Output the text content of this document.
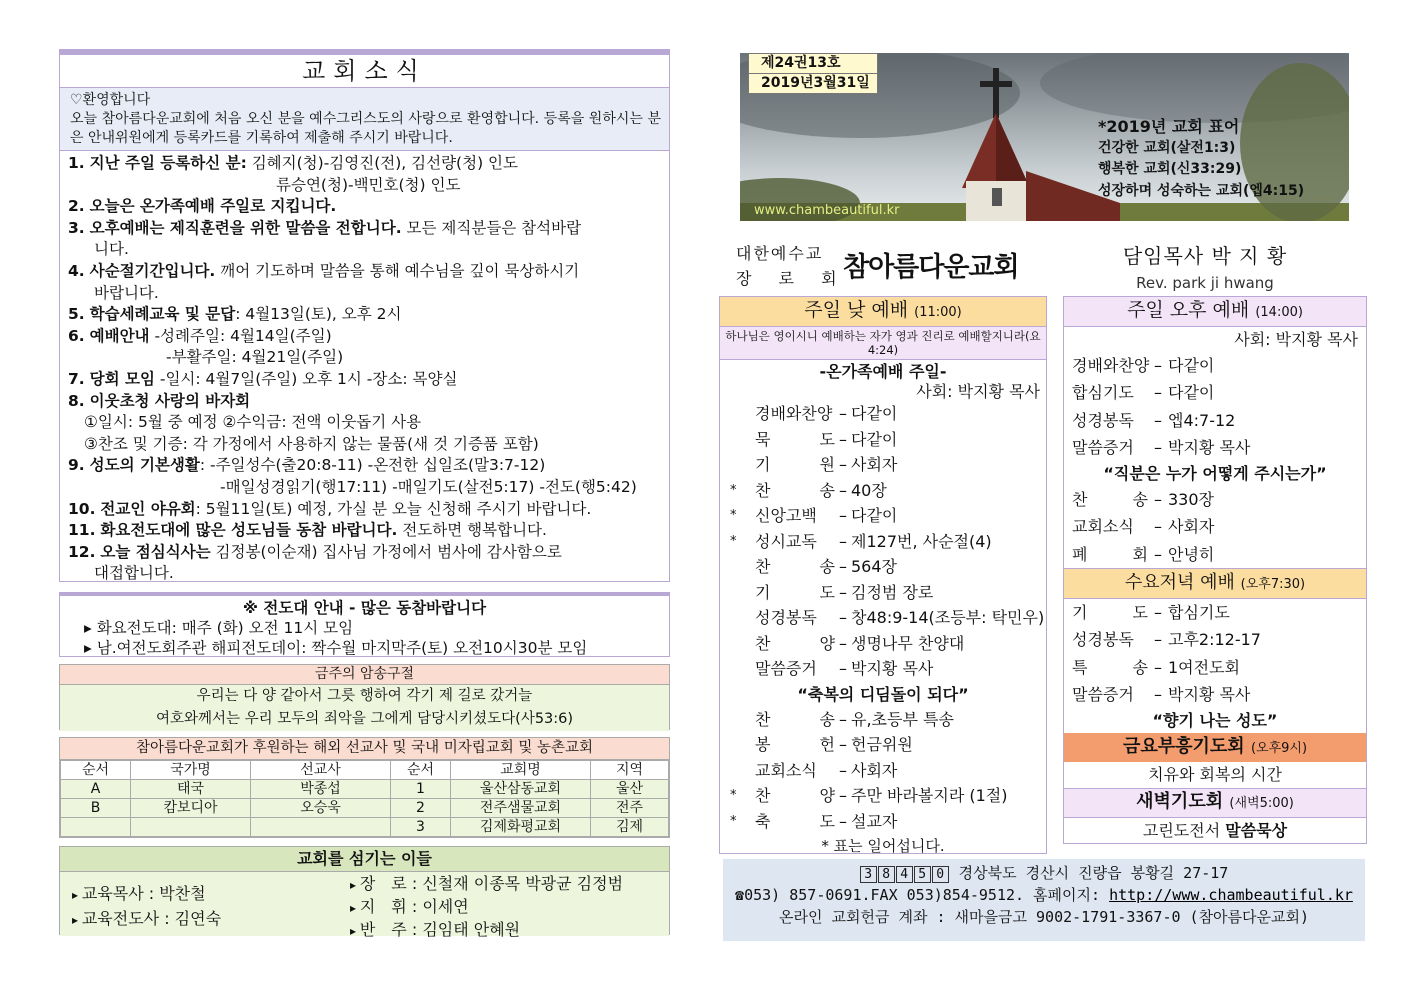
교회소식
♡환영합니다
오늘 참아름다운교회에 처음 오신 분을 예수그리스도의 사랑으로 환영합니다. 등록을 원하시는 분은 안내위원에게 등록카드를 기록하여 제출해 주시기 바랍니다.
1. 지난 주일 등록하신 분: 김혜지(청)-김영진(전), 김선량(청) 인도
류승연(청)-백민호(청) 인도
2. 오늘은 온가족예배 주일로 지킵니다.
3. 오후예배는 제직훈련을 위한 말씀을 전합니다. 모든 제직분들은 참석바랍
니다.
4. 사순절기간입니다. 깨어 기도하며 말씀을 통해 예수님을 깊이 묵상하시기
바랍니다.
5. 학습세례교육 및 문답: 4월13일(토), 오후 2시
6. 예배안내 -성례주일: 4월14일(주일)
-부활주일: 4월21일(주일)
7. 당회 모임 -일시: 4월7일(주일) 오후 1시 -장소: 목양실
8. 이웃초청 사랑의 바자회
①일시: 5월 중 예정 ②수익금: 전액 이웃돕기 사용
③찬조 및 기증: 각 가정에서 사용하지 않는 물품(새 것 기증품 포함)
9. 성도의 기본생활: -주일성수(출20:8-11) -온전한 십일조(말3:7-12)
-매일성경읽기(행17:11) -매일기도(살전5:17) -전도(행5:42)
10. 전교인 야유회: 5월11일(토) 예정, 가실 분 오늘 신청해 주시기 바랍니다.
11. 화요전도대에 많은 성도님들 동참 바랍니다. 전도하면 행복합니다.
12. 오늘 점심식사는 김정봉(이순재) 집사님 가정에서 범사에 감사함으로
대접합니다.
※ 전도대 안내 - 많은 동참바랍니다
▸ 화요전도대: 매주 (화) 오전 11시 모임
▸ 남.여전도회주관 해피전도데이: 짝수월 마지막주(토) 오전10시30분 모임
금주의 암송구절
우리는 다 양 같아서 그릇 행하여 각기 제 길로 갔거늘
여호와께서는 우리 모두의 죄악을 그에게 담당시키셨도다(사53:6)
참아름다운교회가 후원하는 해외 선교사 및 국내 미자립교회 및 농촌교회
순서	국가명	선교사	순서	교회명	지역
A	태국	박종섭	1	울산삼동교회	울산
B	캄보디아	오승욱	2	전주샘물교회	전주
			3	김제화평교회	김제
교회를 섬기는 이들
▸ 교육목사 : 박찬철
▸ 교육전도사 : 김연숙
▸ 장　로 : 신철재 이종목 박광균 김정범
▸ 지　휘 : 이세연
▸ 반　주 : 김임태 안혜원
제24권13호
2019년3월31일
*2019년 교회 표어
건강한 교회(살전1:3)
행복한 교회(신33:29)
성장하며 성숙하는 교회(엡4:15)
www.chambeautiful.kr
대한예수교
장 로 회
참아름다운교회	담임목사 박 지 황
Rev. park ji hwang
주일 낮 예배 (11:00)
하나님은 영이시니 예배하는 자가 영과 진리로 예배할지니라(요4:24)
-온가족예배 주일-
사회: 박지황 목사
경배와찬양 – 다같이
묵　도 – 다같이
기　원 – 사회자
* 찬　송 – 40장
* 신앙고백 – 다같이
* 성시교독 – 제127번, 사순절(4)
찬　송 – 564장
기　도 – 김정범 장로
성경봉독 – 창48:9-14(조등부: 탁민우)
찬　양 – 생명나무 찬양대
말씀증거 – 박지황 목사
“축복의 디딤돌이 되다”
찬　송 – 유,초등부 특송
봉　헌 – 헌금위원
교회소식 – 사회자
* 찬　양 – 주만 바라볼지라 (1절)
* 축　도 – 설교자
* 표는 일어섭니다.
주일 오후 예배 (14:00)
사회: 박지황 목사
경배와찬양 – 다같이
합심기도 – 다같이
성경봉독 – 엡4:7-12
말씀증거 – 박지황 목사
“직분은 누가 어떻게 주시는가”
찬　송 – 330장
교회소식 – 사회자
폐　회 – 안녕히
수요저녁 예배 (오후7:30)
기　도 – 합심기도
성경봉독 – 고후2:12-17
특　송 – 1여전도회
말씀증거 – 박지황 목사
“향기 나는 성도”
금요부흥기도회 (오후9시)
치유와 회복의 시간
새벽기도회 (새벽5:00)
고린도전서 말씀묵상
3 8 4 5 0 경상북도 경산시 진량읍 봉황길 27-17
☎053) 857-0691.FAX 053)854-9512. 홈페이지: http://www.chambeautiful.kr
온라인 교회헌금 계좌 : 새마을금고 9002-1791-3367-0 (참아름다운교회)
